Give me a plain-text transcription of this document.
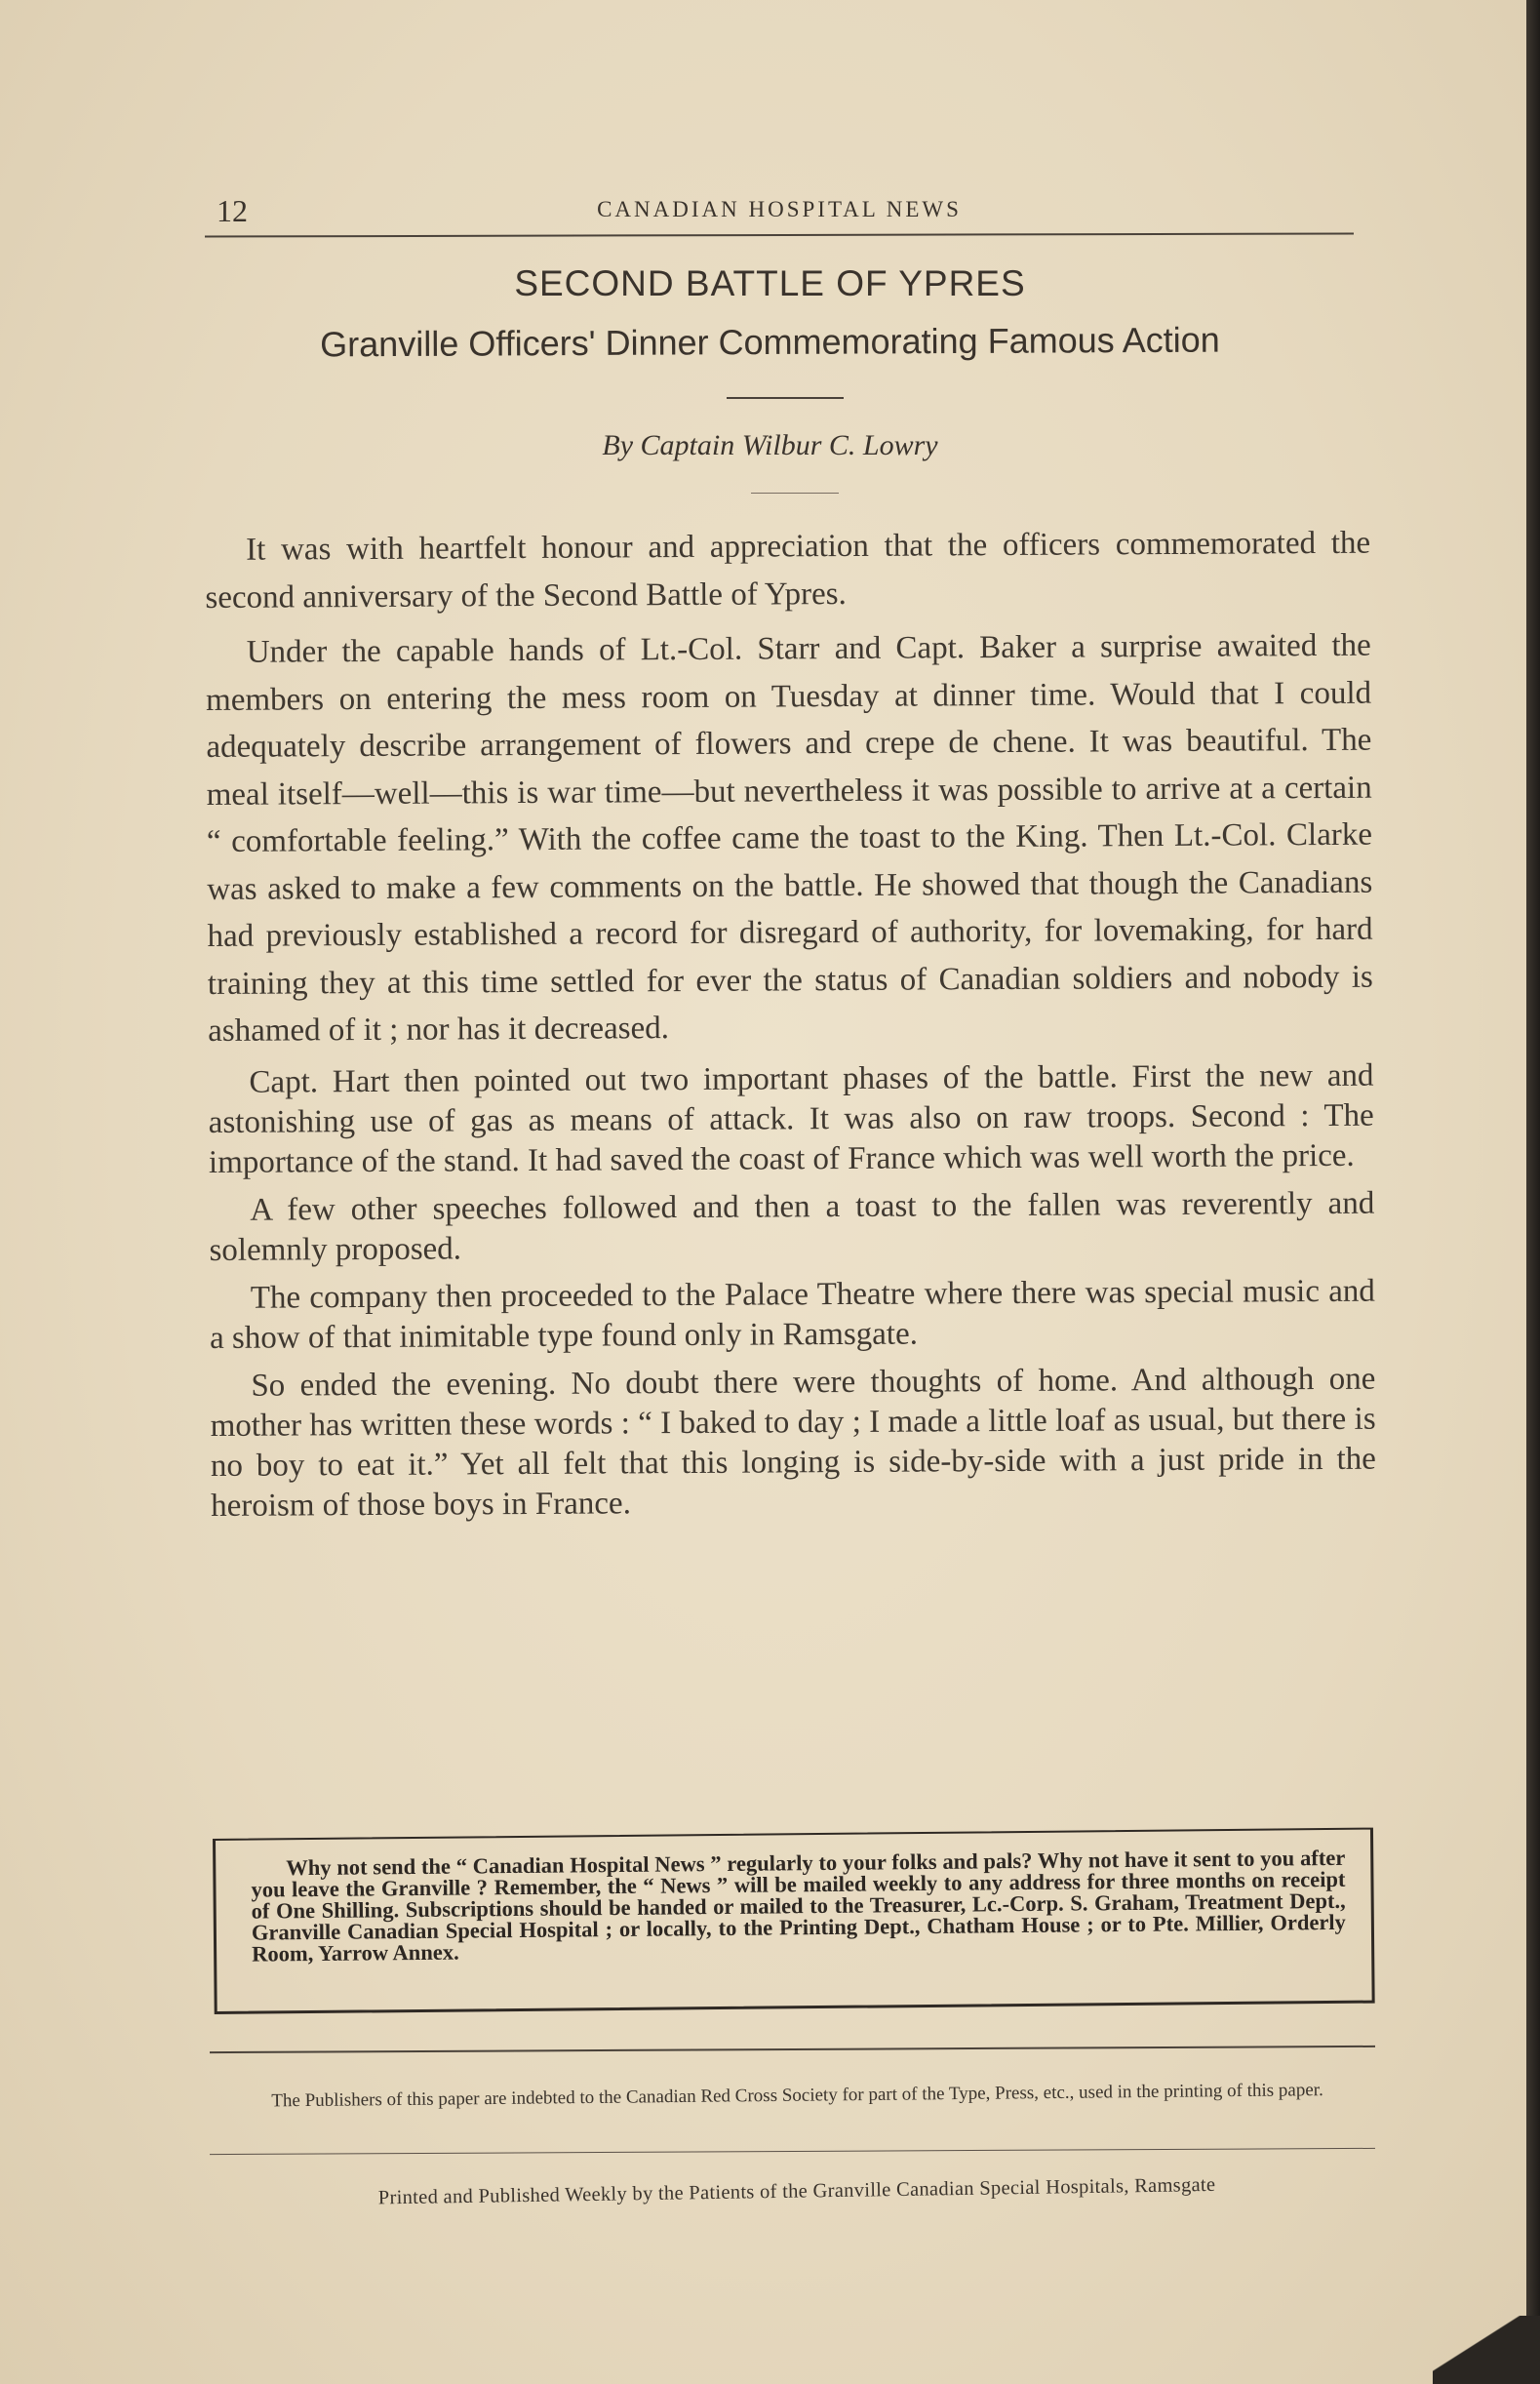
12	CANADIAN HOSPITAL NEWS
SECOND BATTLE OF YPRES
Granville Officers' Dinner Commemorating Famous Action
By Captain Wilbur C. Lowry

It was with heartfelt honour and appreciation that the officers commemorated the second anniversary of the Second Battle of Ypres.

Under the capable hands of Lt.-Col. Starr and Capt. Baker a surprise awaited the members on entering the mess room on Tuesday at dinner time. Would that I could adequately describe arrangement of flowers and crepe de chene. It was beautiful. The meal itself—well—this is war time—but nevertheless it was possible to arrive at a certain “ comfortable feeling.” With the coffee came the toast to the King. Then Lt.-Col. Clarke was asked to make a few comments on the battle. He showed that though the Canadians had previously established a record for disregard of authority, for lovemaking, for hard training they at this time settled for ever the status of Canadian soldiers and nobody is ashamed of it ; nor has it decreased.

Capt. Hart then pointed out two important phases of the battle. First the new and astonishing use of gas as means of attack. It was also on raw troops. Second : The importance of the stand. It had saved the coast of France which was well worth the price.

A few other speeches followed and then a toast to the fallen was reverently and solemnly proposed.

The company then proceeded to the Palace Theatre where there was special music and a show of that inimitable type found only in Ramsgate.

So ended the evening. No doubt there were thoughts of home. And although one mother has written these words : “ I baked to day ; I made a little loaf as usual, but there is no boy to eat it.” Yet all felt that this longing is side-by-side with a just pride in the heroism of those boys in France.

Why not send the “ Canadian Hospital News ” regularly to your folks and pals? Why not have it sent to you after you leave the Granville ? Remember, the “ News ” will be mailed weekly to any address for three months on receipt of One Shilling. Subscriptions should be handed or mailed to the Treasurer, Lc.-Corp. S. Graham, Treatment Dept., Granville Canadian Special Hospital ; or locally, to the Printing Dept., Chatham House ; or to Pte. Millier, Orderly Room, Yarrow Annex.

The Publishers of this paper are indebted to the Canadian Red Cross Society for part of the Type, Press, etc., used in the printing of this paper.
Printed and Published Weekly by the Patients of the Granville Canadian Special Hospitals, Ramsgate
